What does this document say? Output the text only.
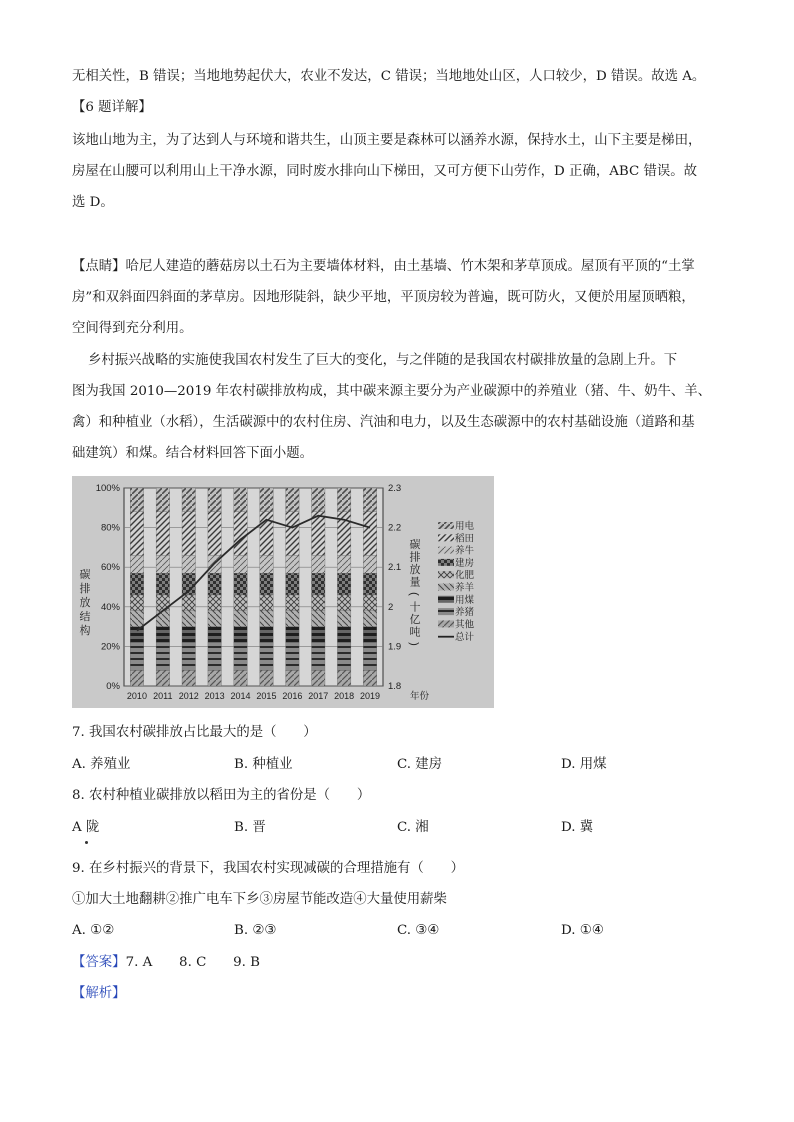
无相关性，B 错误；当地地势起伏大，农业不发达，C 错误；当地地处山区，人口较少，D 错误。故选 A。
【6 题详解】
该地山地为主，为了达到人与环境和谐共生，山顶主要是森林可以涵养水源，保持水土，山下主要是梯田，
房屋在山腰可以利用山上干净水源，同时废水排向山下梯田，又可方便下山劳作，D 正确，ABC 错误。故
选 D。
【点睛】哈尼人建造的蘑菇房以土石为主要墙体材料，由土基墙、竹木架和茅草顶成。屋顶有平顶的“土掌
房”和双斜面四斜面的茅草房。因地形陡斜，缺少平地，平顶房较为普遍，既可防火，又便於用屋顶晒粮，
空间得到充分利用。
乡村振兴战略的实施使我国农村发生了巨大的变化，与之伴随的是我国农村碳排放量的急剧上升。下
图为我国 2010—2019 年农村碳排放构成，其中碳来源主要分为产业碳源中的养殖业（猪、牛、奶牛、羊、
禽）和种植业（水稻），生活碳源中的农村住房、汽油和电力，以及生态碳源中的农村基础设施（道路和基
础建筑）和煤。结合材料回答下面小题。
0%
20%
40%
60%
80%
100%
1.8
1.9
2
2.1
2.2
2.3
2010 2011 2012 2013 2014 2015 2016 2017 2018 2019	年份
碳
排
放
结
构
碳
排
放
量
(
十
亿
吨
)
用电
稻田
养牛
建房
化肥
养羊
用煤
养猪
其他
总计
7. 我国农村碳排放占比最大的是（　　）
A. 养殖业	B. 种植业	C. 建房	D. 用煤
8. 农村种植业碳排放以稻田为主的省份是（　　）
A 陇	B. 晋	C. 湘	D. 冀
9. 在乡村振兴的背景下，我国农村实现减碳的合理措施有（　　）
①加大土地翻耕②推广电车下乡③房屋节能改造④大量使用薪柴
A. ①②	B. ②③	C. ③④	D. ①④
【答案】7. A　　8. C　　9. B
【解析】
